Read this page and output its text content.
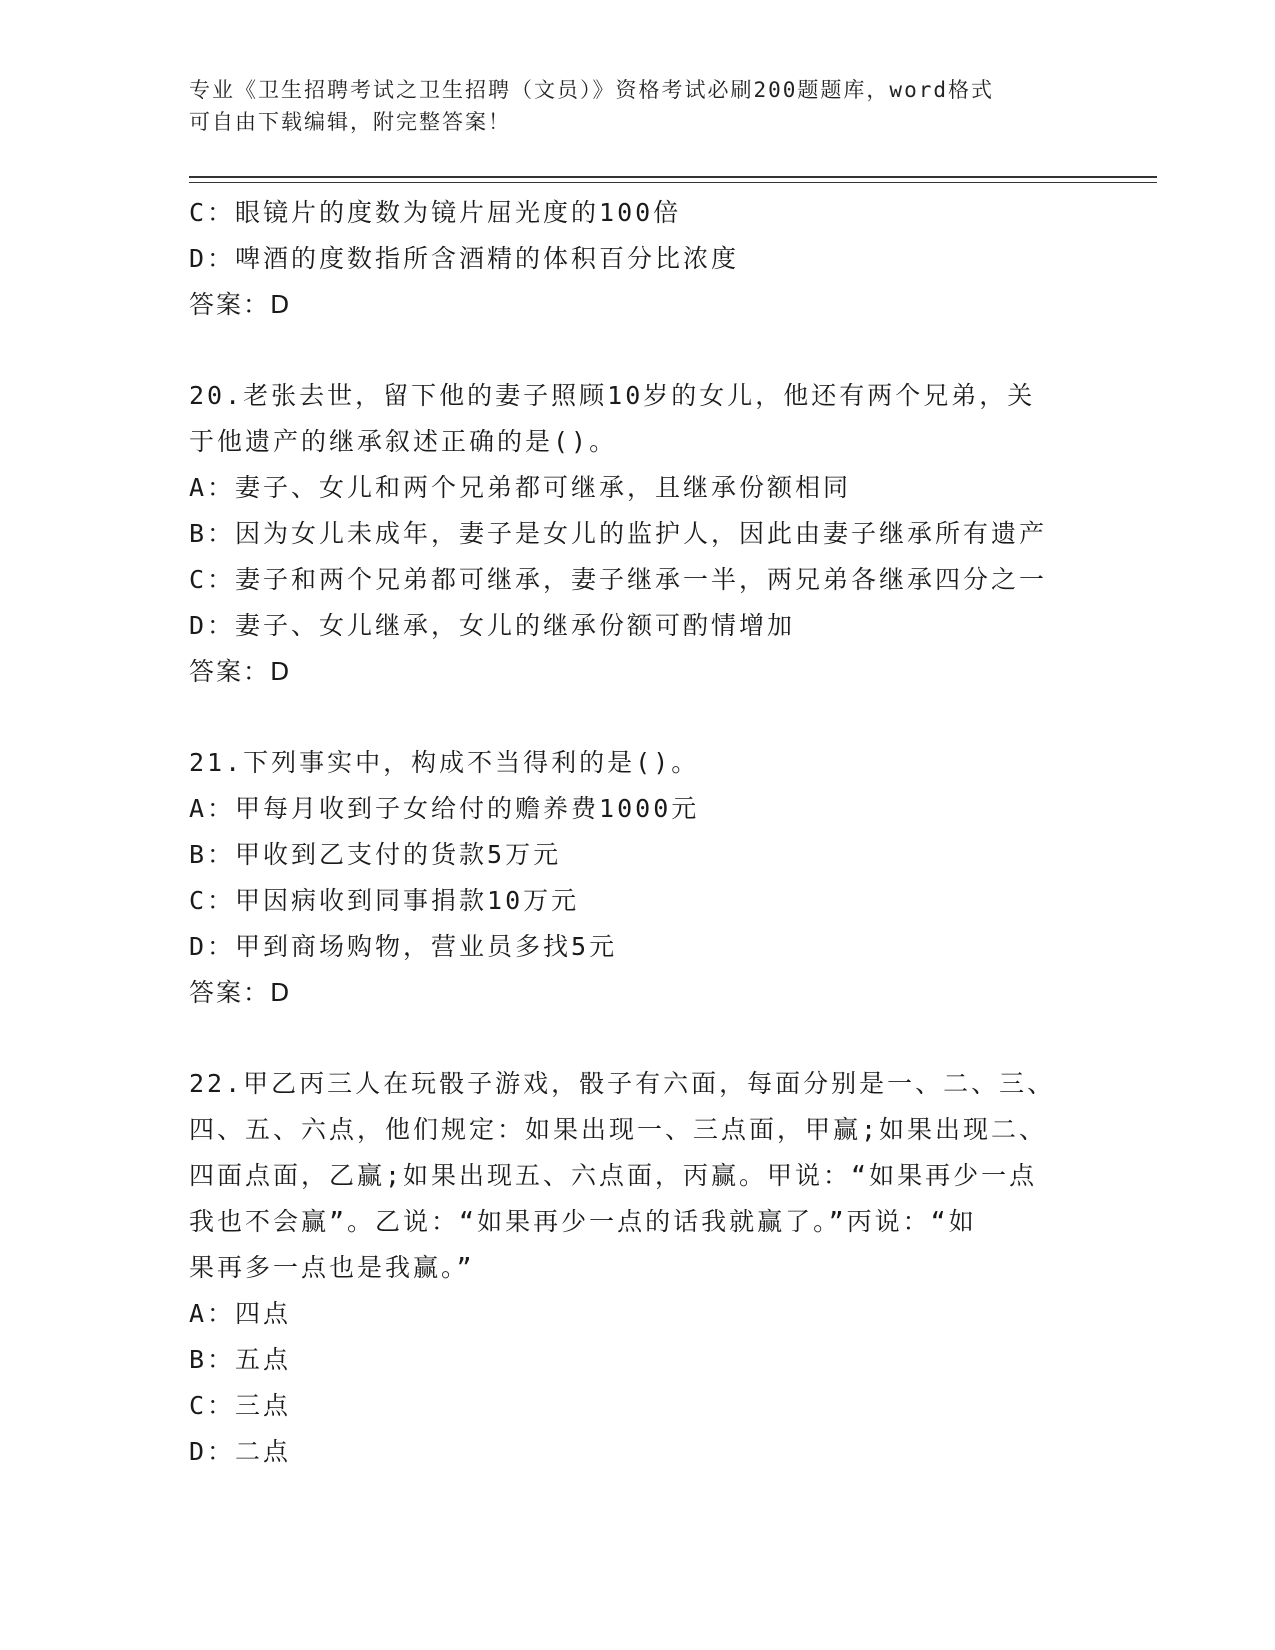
专业《卫生招聘考试之卫生招聘（文员）》资格考试必刷200题题库，word格式
可自由下载编辑，附完整答案！
C：眼镜片的度数为镜片屈光度的100倍
D：啤酒的度数指所含酒精的体积百分比浓度
答案：D
20.老张去世，留下他的妻子照顾10岁的女儿，他还有两个兄弟，关
于他遗产的继承叙述正确的是()。
A：妻子、女儿和两个兄弟都可继承，且继承份额相同
B：因为女儿未成年，妻子是女儿的监护人，因此由妻子继承所有遗产
C：妻子和两个兄弟都可继承，妻子继承一半，两兄弟各继承四分之一
D：妻子、女儿继承，女儿的继承份额可酌情增加
答案：D
21.下列事实中，构成不当得利的是()。
A：甲每月收到子女给付的赡养费1000元
B：甲收到乙支付的货款5万元
C：甲因病收到同事捐款10万元
D：甲到商场购物，营业员多找5元
答案：D
22.甲乙丙三人在玩骰子游戏，骰子有六面，每面分别是一、二、三、
四、五、六点，他们规定：如果出现一、三点面，甲赢;如果出现二、
四面点面，乙赢;如果出现五、六点面，丙赢。甲说：“如果再少一点
我也不会赢”。乙说：“如果再少一点的话我就赢了。”丙说：“如
果再多一点也是我赢。”
A：四点
B：五点
C：三点
D：二点
